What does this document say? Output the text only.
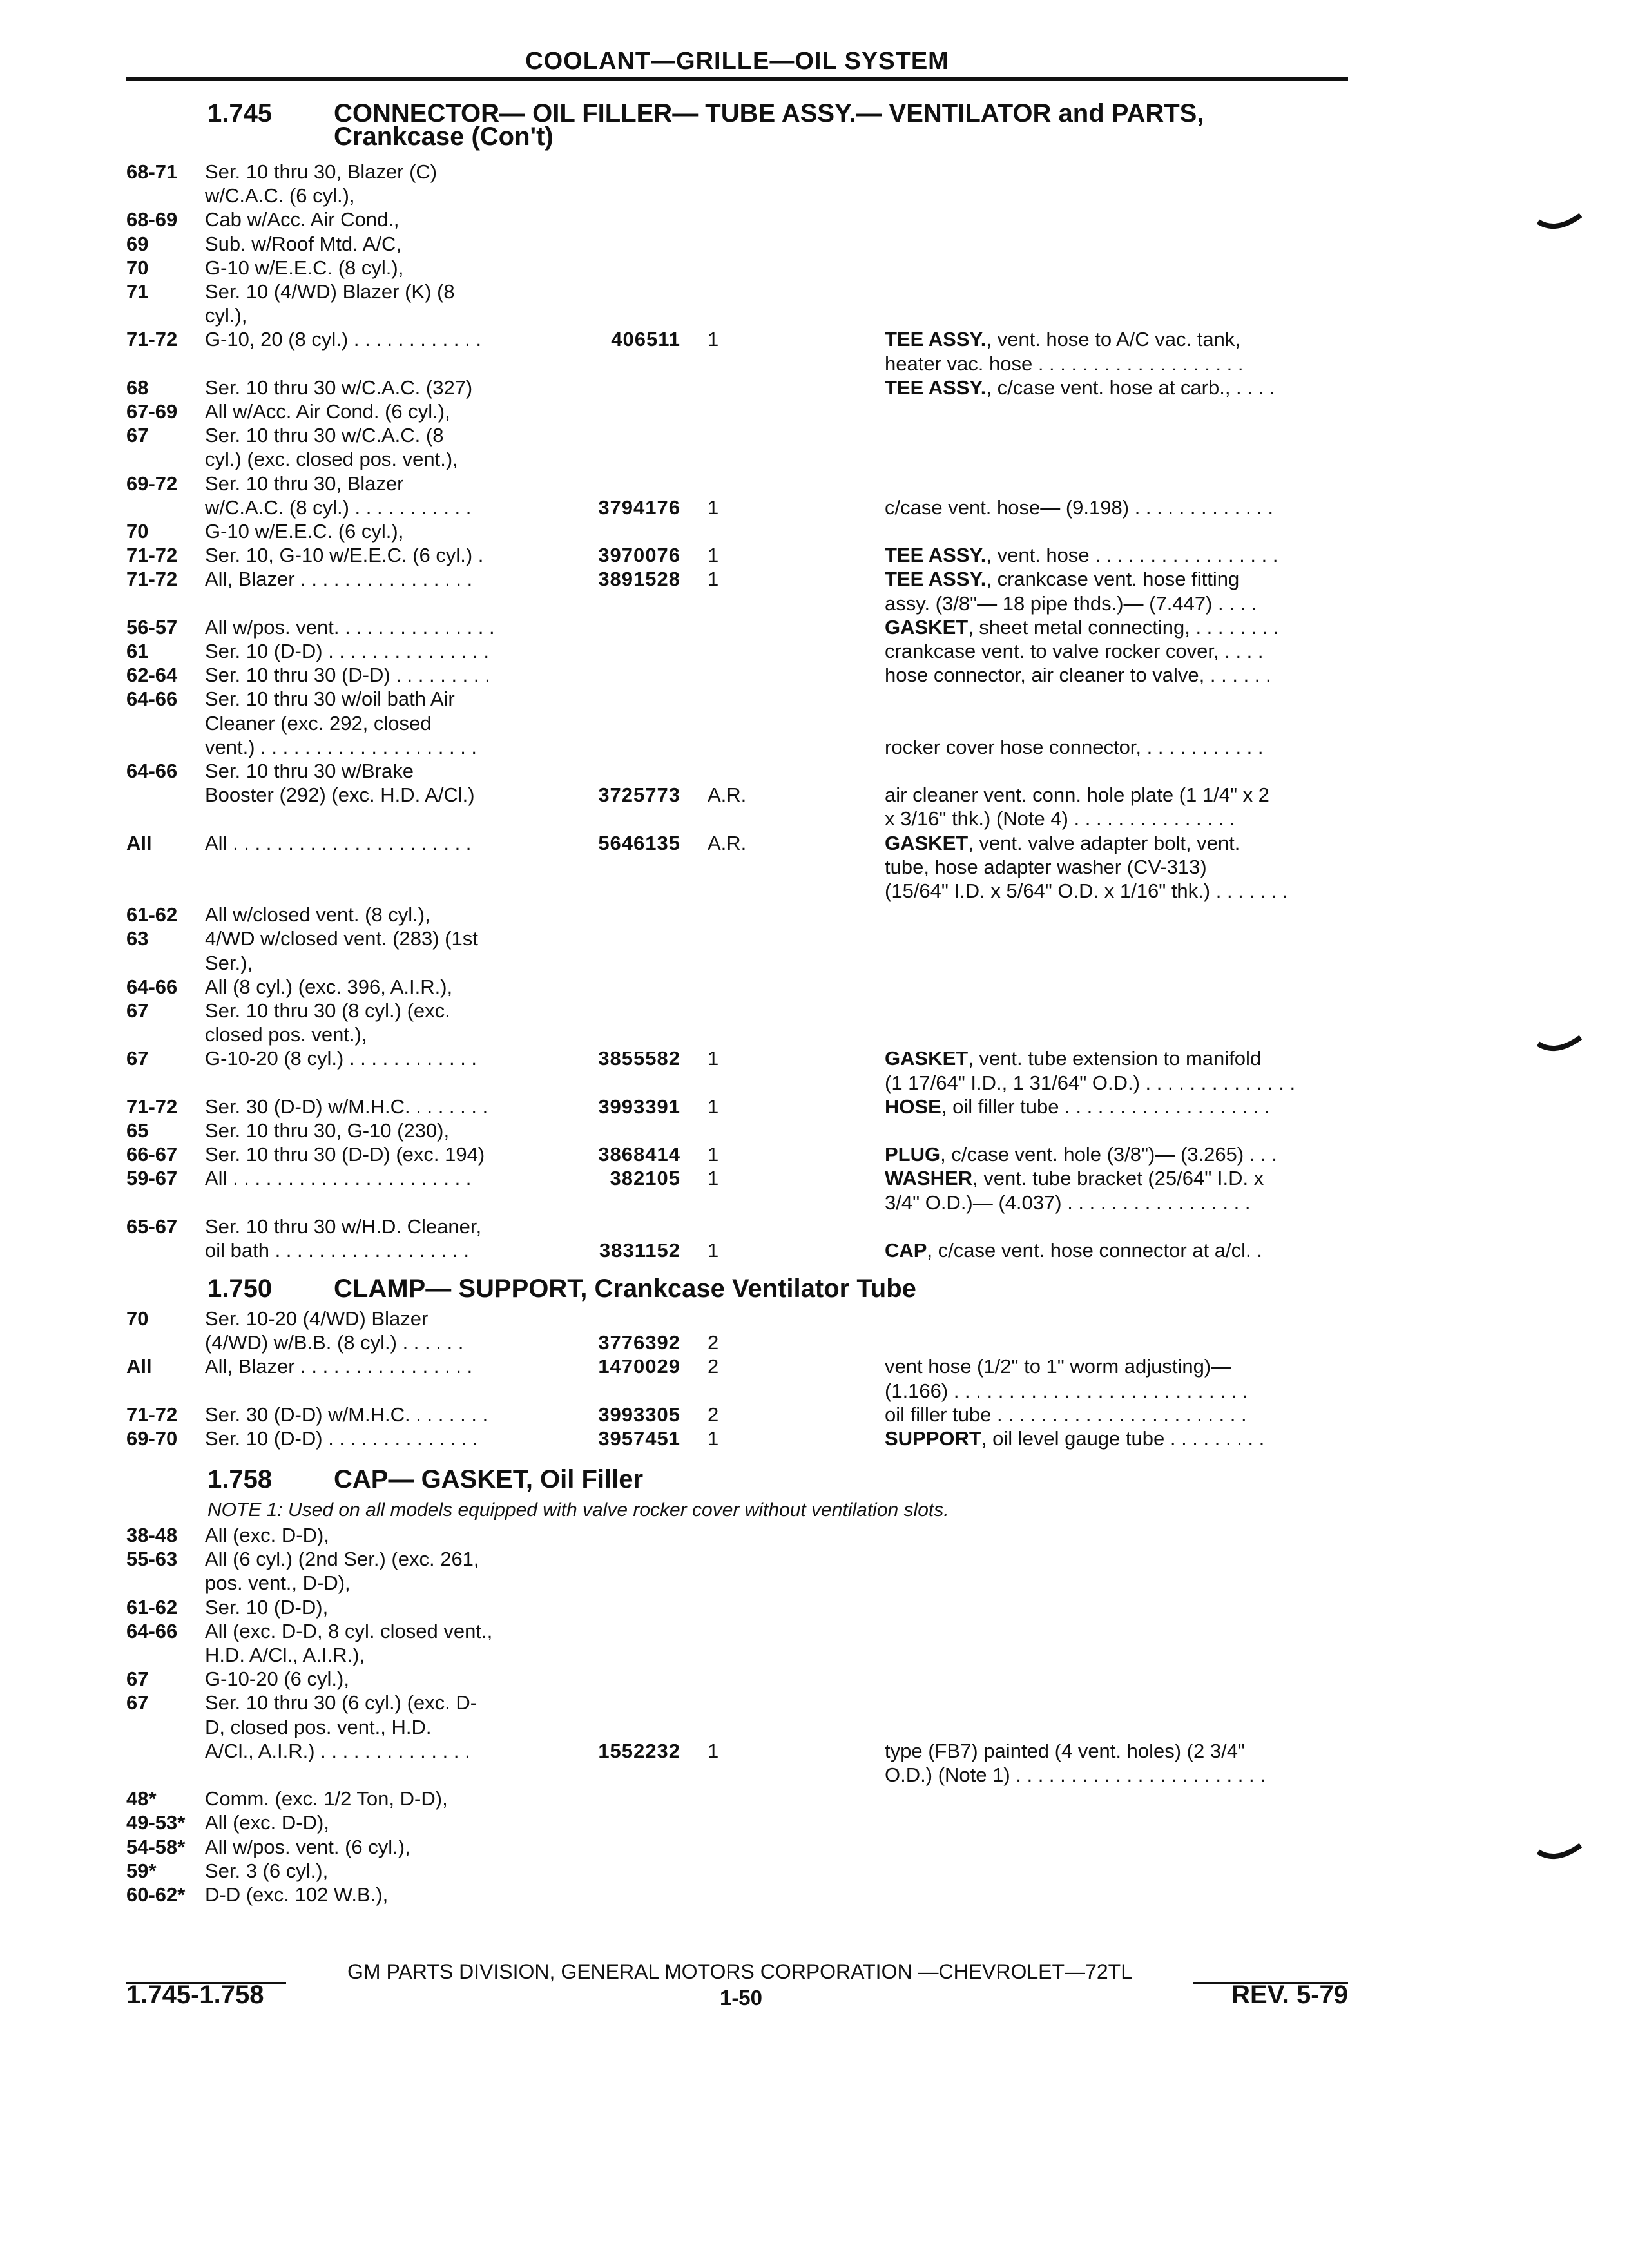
COOLANT—GRILLE—OIL SYSTEM
1.745 CONNECTOR— OIL FILLER— TUBE ASSY.— VENTILATOR and PARTS,
Crankcase (Con't)
68-71	Ser. 10 thru 30, Blazer (C)
w/C.A.C. (6 cyl.),
68-69	Cab w/Acc. Air Cond.,
69	Sub. w/Roof Mtd. A/C,
70	G-10 w/E.E.C. (8 cyl.),
71	Ser. 10 (4/WD) Blazer (K) (8
cyl.),
71-72	G-10, 20 (8 cyl.) . . . . . . . . . . . .	406511 1	TEE ASSY., vent. hose to A/C vac. tank,
heater vac. hose . . . . . . . . . . . . . . . . . . .
68	Ser. 10 thru 30 w/C.A.C. (327)	TEE ASSY., c/case vent. hose at carb., . . . .
67-69	All w/Acc. Air Cond. (6 cyl.),
67	Ser. 10 thru 30 w/C.A.C. (8
cyl.) (exc. closed pos. vent.),
69-72	Ser. 10 thru 30, Blazer
w/C.A.C. (8 cyl.) . . . . . . . . . . .	3794176 1	c/case vent. hose— (9.198) . . . . . . . . . . . . .
70	G-10 w/E.E.C. (6 cyl.),
71-72	Ser. 10, G-10 w/E.E.C. (6 cyl.) .	3970076 1	TEE ASSY., vent. hose . . . . . . . . . . . . . . . . .
71-72	All, Blazer . . . . . . . . . . . . . . . .	3891528 1	TEE ASSY., crankcase vent. hose fitting
assy. (3/8"— 18 pipe thds.)— (7.447) . . . .
56-57	All w/pos. vent. . . . . . . . . . . . . . .	GASKET, sheet metal connecting, . . . . . . . .
61	Ser. 10 (D-D) . . . . . . . . . . . . . . .	crankcase vent. to valve rocker cover, . . . .
62-64	Ser. 10 thru 30 (D-D) . . . . . . . . .	hose connector, air cleaner to valve, . . . . . .
64-66	Ser. 10 thru 30 w/oil bath Air
Cleaner (exc. 292, closed
vent.) . . . . . . . . . . . . . . . . . . . .	rocker cover hose connector, . . . . . . . . . . .
64-66	Ser. 10 thru 30 w/Brake
Booster (292) (exc. H.D. A/Cl.)	3725773 A.R.	air cleaner vent. conn. hole plate (1 1/4" x 2
x 3/16" thk.) (Note 4) . . . . . . . . . . . . . . .
All	All . . . . . . . . . . . . . . . . . . . . . .	5646135 A.R.	GASKET, vent. valve adapter bolt, vent.
tube, hose adapter washer (CV-313)
(15/64" I.D. x 5/64" O.D. x 1/16" thk.) . . . . . . .
61-62	All w/closed vent. (8 cyl.),
63	4/WD w/closed vent. (283) (1st
Ser.),
64-66	All (8 cyl.) (exc. 396, A.I.R.),
67	Ser. 10 thru 30 (8 cyl.) (exc.
closed pos. vent.),
67	G-10-20 (8 cyl.) . . . . . . . . . . . .	3855582 1	GASKET, vent. tube extension to manifold
(1 17/64" I.D., 1 31/64" O.D.) . . . . . . . . . . . . . .
71-72	Ser. 30 (D-D) w/M.H.C. . . . . . . .	3993391 1	HOSE, oil filler tube . . . . . . . . . . . . . . . . . . .
65	Ser. 10 thru 30, G-10 (230),
66-67	Ser. 10 thru 30 (D-D) (exc. 194)	3868414 1	PLUG, c/case vent. hole (3/8")— (3.265) . . .
59-67	All . . . . . . . . . . . . . . . . . . . . . .	382105 1	WASHER, vent. tube bracket (25/64" I.D. x
3/4" O.D.)— (4.037) . . . . . . . . . . . . . . . . .
65-67	Ser. 10 thru 30 w/H.D. Cleaner,
oil bath . . . . . . . . . . . . . . . . . .	3831152 1	CAP, c/case vent. hose connector at a/cl. .
1.750 CLAMP— SUPPORT, Crankcase Ventilator Tube
70	Ser. 10-20 (4/WD) Blazer
(4/WD) w/B.B. (8 cyl.) . . . . . .	3776392 2
All	All, Blazer . . . . . . . . . . . . . . . .	1470029 2	vent hose (1/2" to 1" worm adjusting)—
(1.166) . . . . . . . . . . . . . . . . . . . . . . . . . . .
71-72	Ser. 30 (D-D) w/M.H.C. . . . . . . .	3993305 2	oil filler tube . . . . . . . . . . . . . . . . . . . . . . .
69-70	Ser. 10 (D-D) . . . . . . . . . . . . . .	3957451 1	SUPPORT, oil level gauge tube . . . . . . . . .
1.758 CAP— GASKET, Oil Filler
NOTE 1: Used on all models equipped with valve rocker cover without ventilation slots.
38-48	All (exc. D-D),
55-63	All (6 cyl.) (2nd Ser.) (exc. 261,
pos. vent., D-D),
61-62	Ser. 10 (D-D),
64-66	All (exc. D-D, 8 cyl. closed vent.,
H.D. A/Cl., A.I.R.),
67	G-10-20 (6 cyl.),
67	Ser. 10 thru 30 (6 cyl.) (exc. D-
D, closed pos. vent., H.D.
A/Cl., A.I.R.) . . . . . . . . . . . . . .	1552232 1	type (FB7) painted (4 vent. holes) (2 3/4"
O.D.) (Note 1) . . . . . . . . . . . . . . . . . . . . . . .
48*	Comm. (exc. 1/2 Ton, D-D),
49-53* All (exc. D-D),
54-58* All w/pos. vent. (6 cyl.),
59*	Ser. 3 (6 cyl.),
60-62* D-D (exc. 102 W.B.),
GM PARTS DIVISION, GENERAL MOTORS CORPORATION —CHEVROLET—72TL
1.745-1.758	1-50	REV. 5-79
